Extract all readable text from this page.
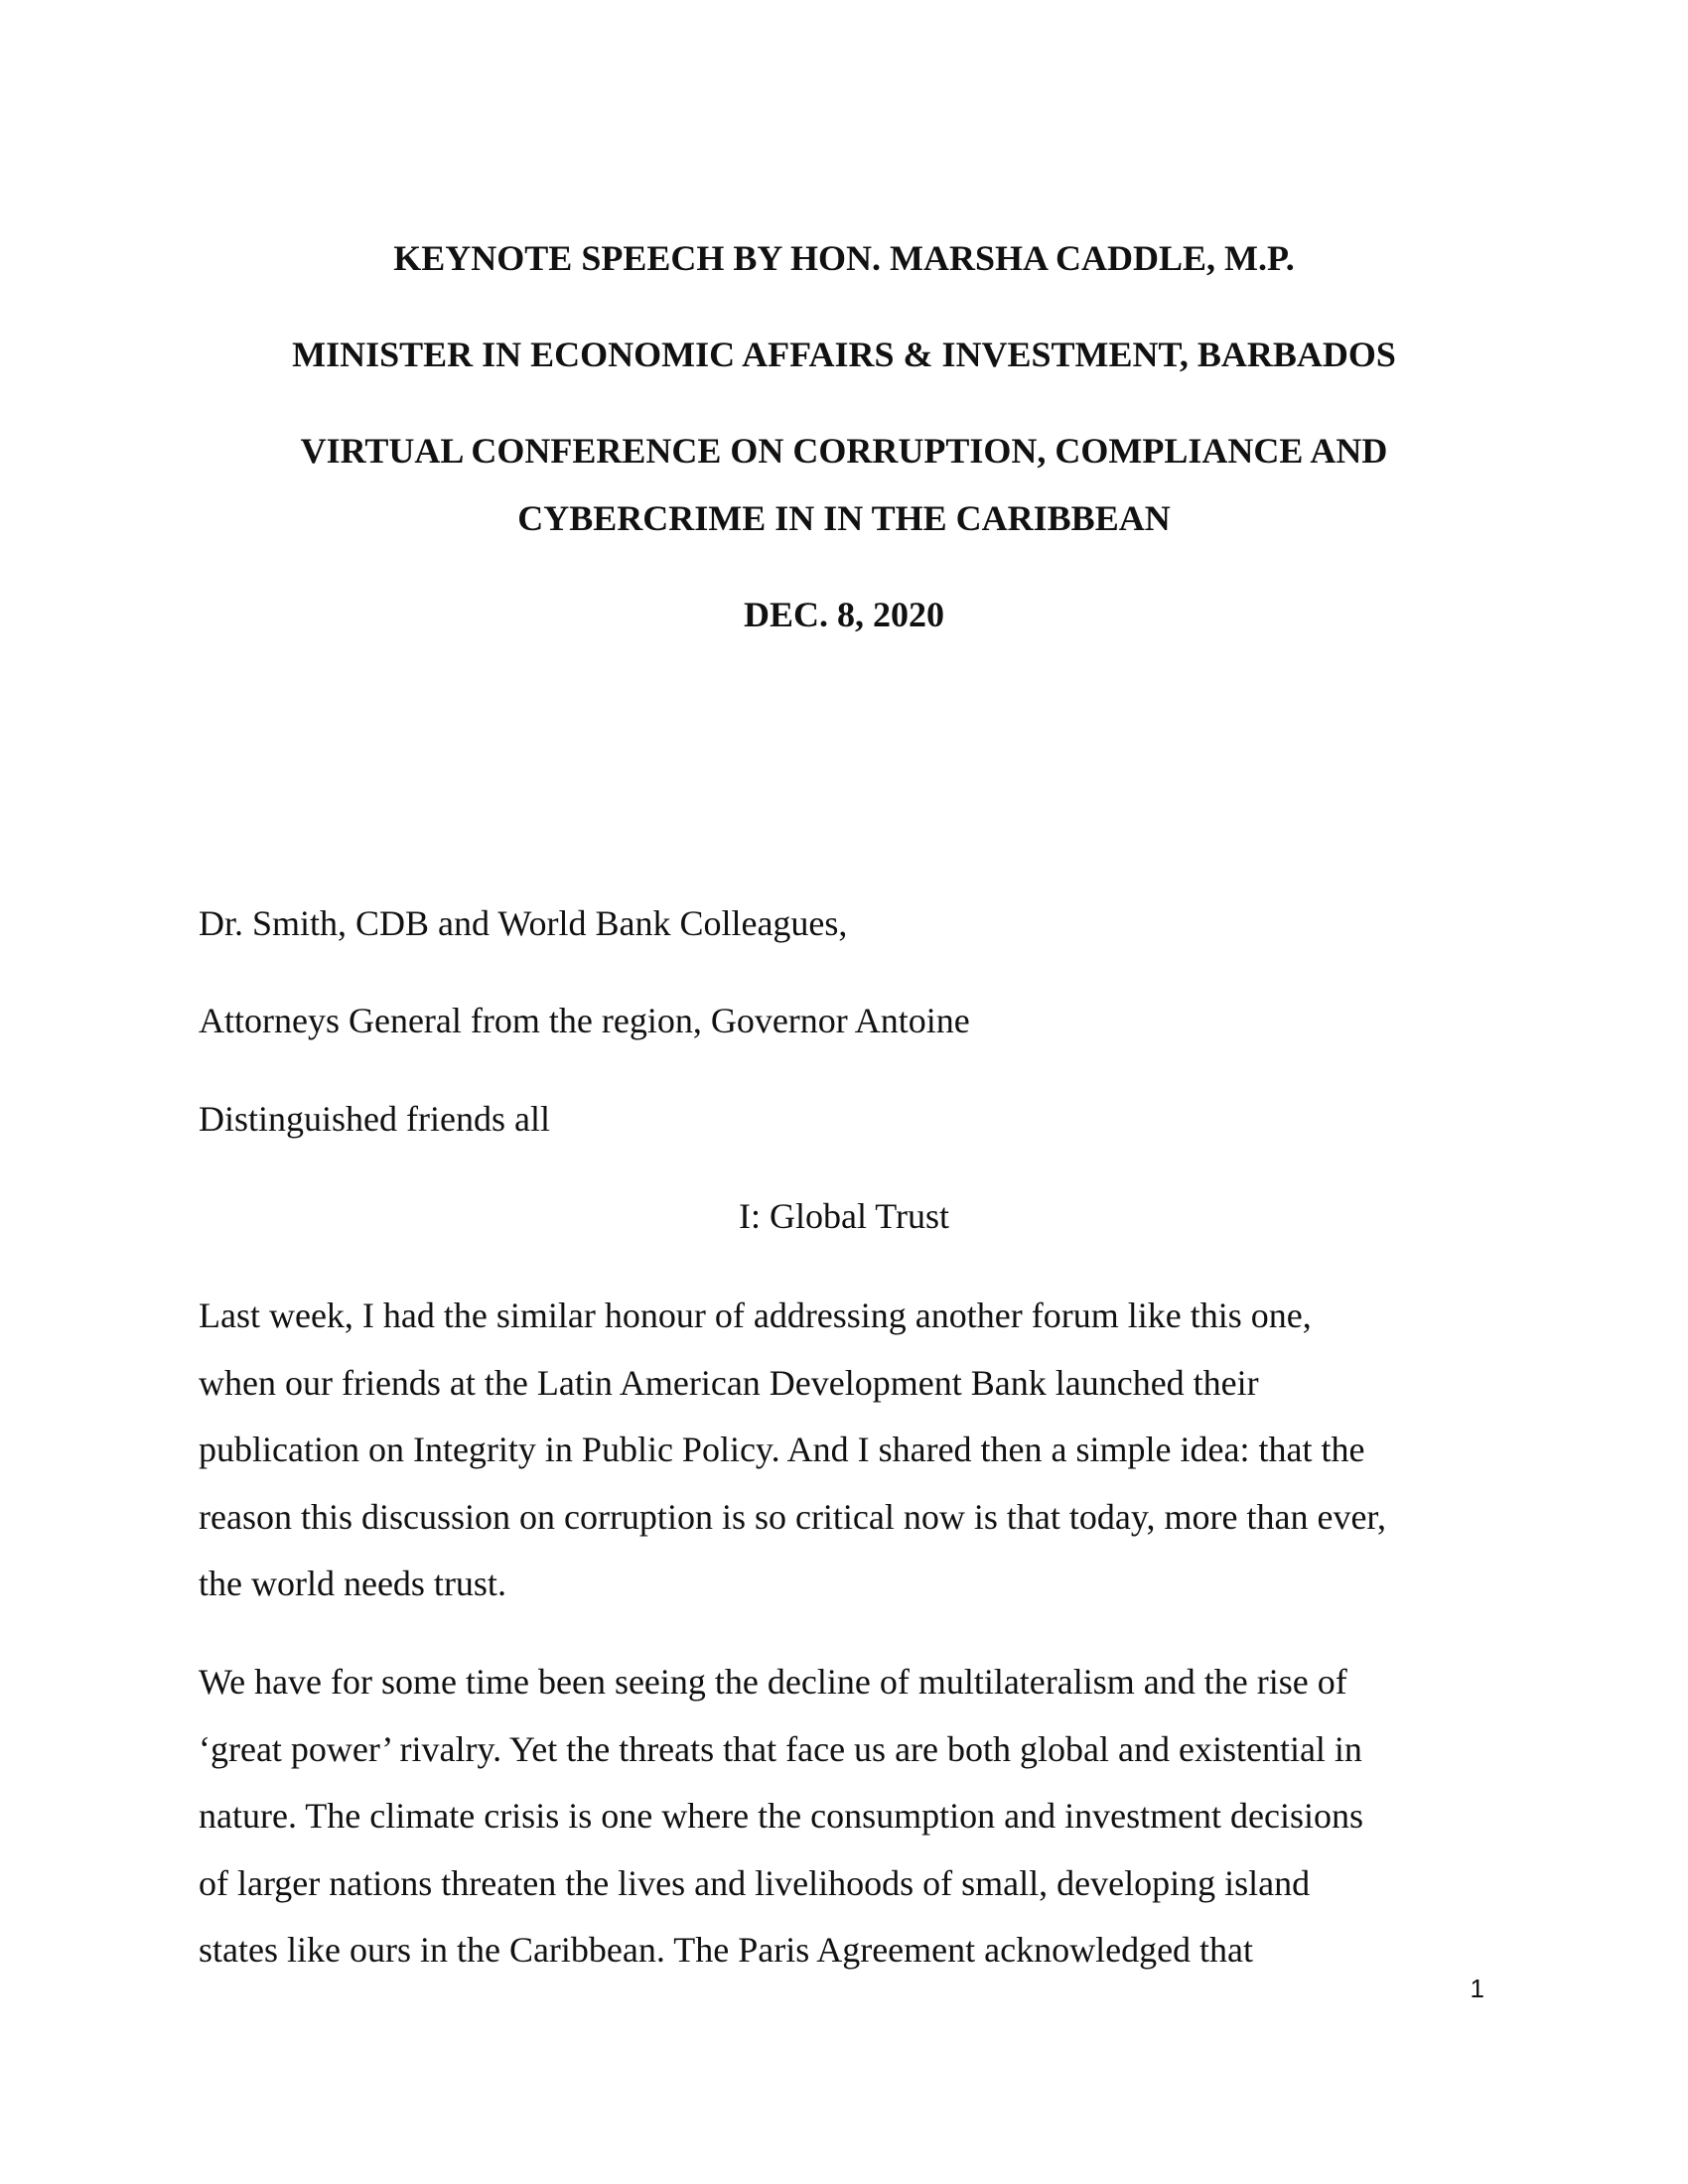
KEYNOTE SPEECH BY HON. MARSHA CADDLE, M.P.

MINISTER IN ECONOMIC AFFAIRS & INVESTMENT, BARBADOS

VIRTUAL CONFERENCE ON CORRUPTION, COMPLIANCE AND

CYBERCRIME IN IN THE CARIBBEAN

DEC. 8, 2020

Dr. Smith, CDB and World Bank Colleagues,

Attorneys General from the region, Governor Antoine

Distinguished friends all

I: Global Trust

Last week, I had the similar honour of addressing another forum like this one,
when our friends at the Latin American Development Bank launched their
publication on Integrity in Public Policy. And I shared then a simple idea: that the
reason this discussion on corruption is so critical now is that today, more than ever,
the world needs trust.
We have for some time been seeing the decline of multilateralism and the rise of
‘great power’ rivalry. Yet the threats that face us are both global and existential in
nature. The climate crisis is one where the consumption and investment decisions
of larger nations threaten the lives and livelihoods of small, developing island
states like ours in the Caribbean. The Paris Agreement acknowledged that

1
